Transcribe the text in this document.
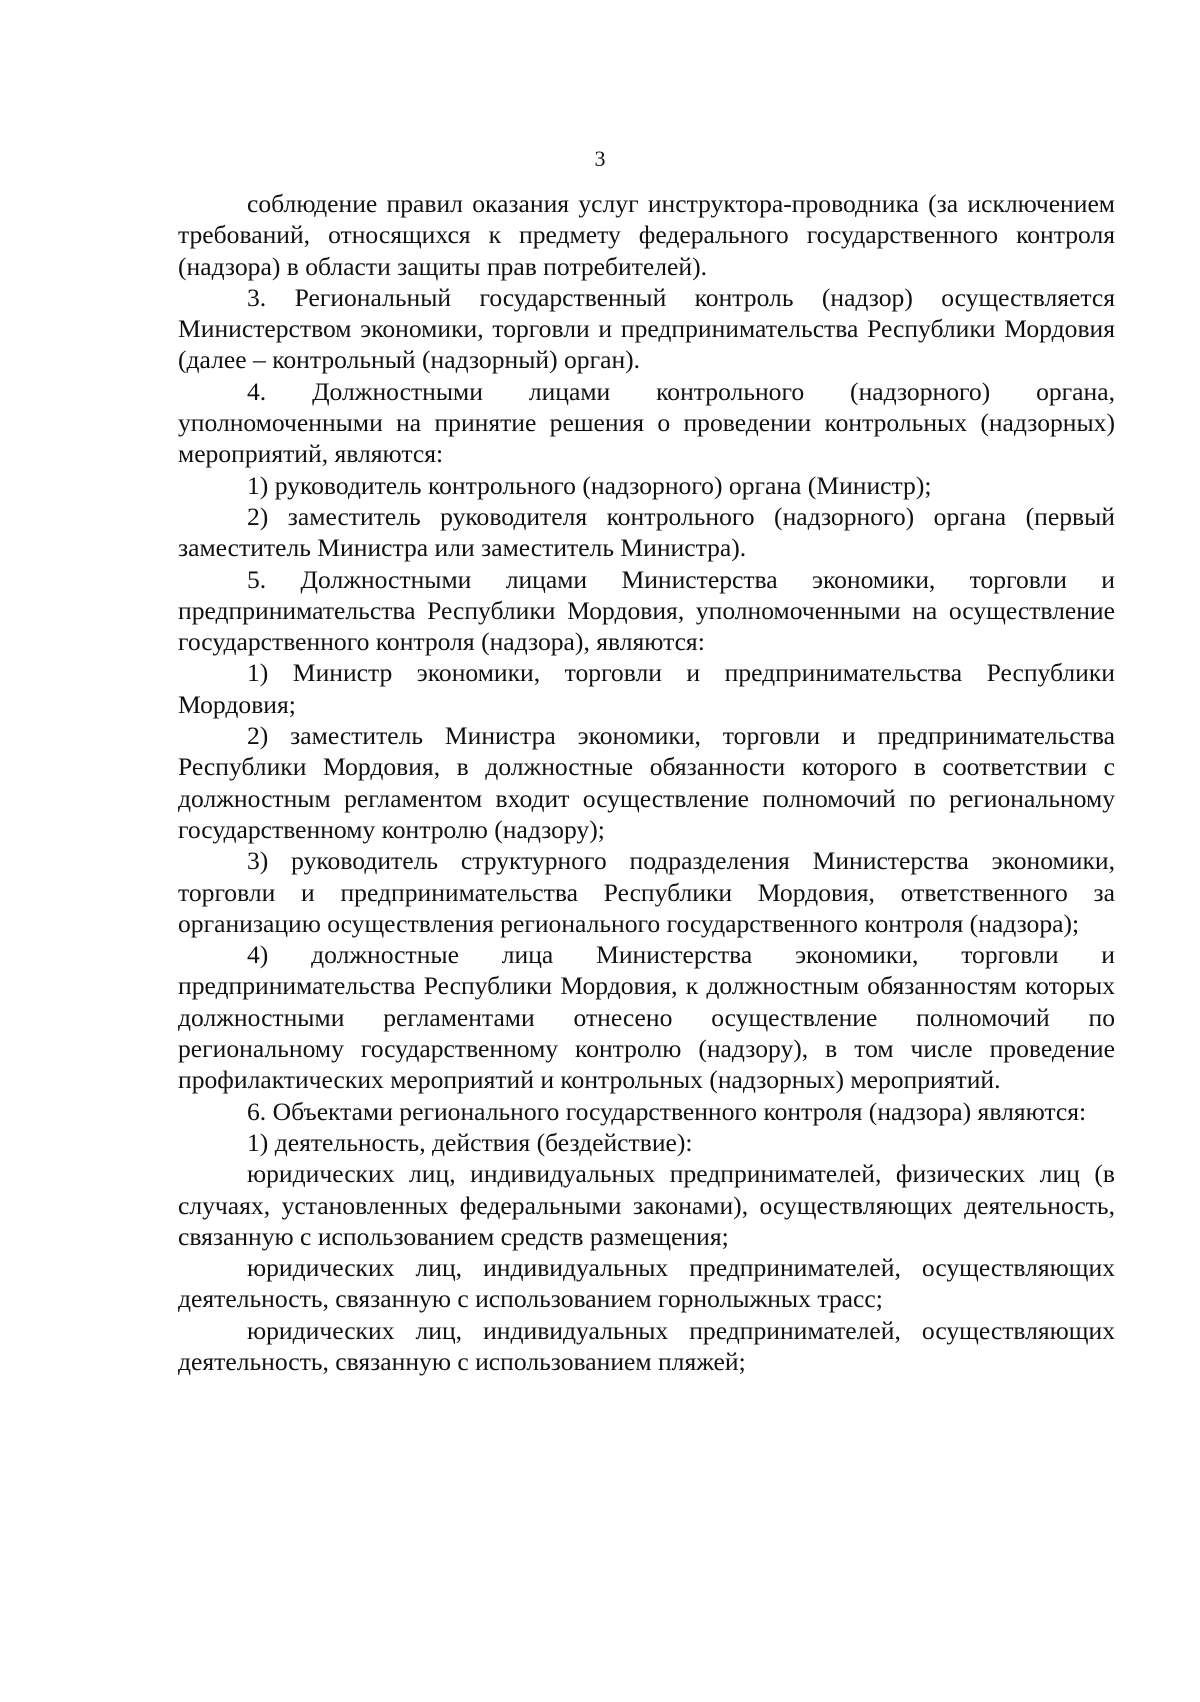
3

соблюдение правил оказания услуг инструктора-проводника (за исключением требований, относящихся к предмету федерального государственного контроля (надзора) в области защиты прав потребителей).

3. Региональный государственный контроль (надзор) осуществляется Министерством экономики, торговли и предпринимательства Республики Мордовия (далее – контрольный (надзорный) орган).

4. Должностными лицами контрольного (надзорного) органа, уполномоченными на принятие решения о проведении контрольных (надзорных) мероприятий, являются:

1) руководитель контрольного (надзорного) органа (Министр);

2) заместитель руководителя контрольного (надзорного) органа (первый заместитель Министра или заместитель Министра).

5. Должностными лицами Министерства экономики, торговли и предпринимательства Республики Мордовия, уполномоченными на осуществление государственного контроля (надзора), являются:

1) Министр экономики, торговли и предпринимательства Республики Мордовия;

2) заместитель Министра экономики, торговли и предпринимательства Республики Мордовия, в должностные обязанности которого в соответствии с должностным регламентом входит осуществление полномочий по региональному государственному контролю (надзору);

3) руководитель структурного подразделения Министерства экономики, торговли и предпринимательства Республики Мордовия, ответственного за организацию осуществления регионального государственного контроля (надзора);

4) должностные лица Министерства экономики, торговли и предпринимательства Республики Мордовия, к должностным обязанностям которых должностными регламентами отнесено осуществление полномочий по региональному государственному контролю (надзору), в том числе проведение профилактических мероприятий и контрольных (надзорных) мероприятий.

6. Объектами регионального государственного контроля (надзора) являются:

1) деятельность, действия (бездействие):

юридических лиц, индивидуальных предпринимателей, физических лиц (в случаях, установленных федеральными законами), осуществляющих деятельность, связанную с использованием средств размещения;

юридических лиц, индивидуальных предпринимателей, осуществляющих деятельность, связанную с использованием горнолыжных трасс;

юридических лиц, индивидуальных предпринимателей, осуществляющих деятельность, связанную с использованием пляжей;
